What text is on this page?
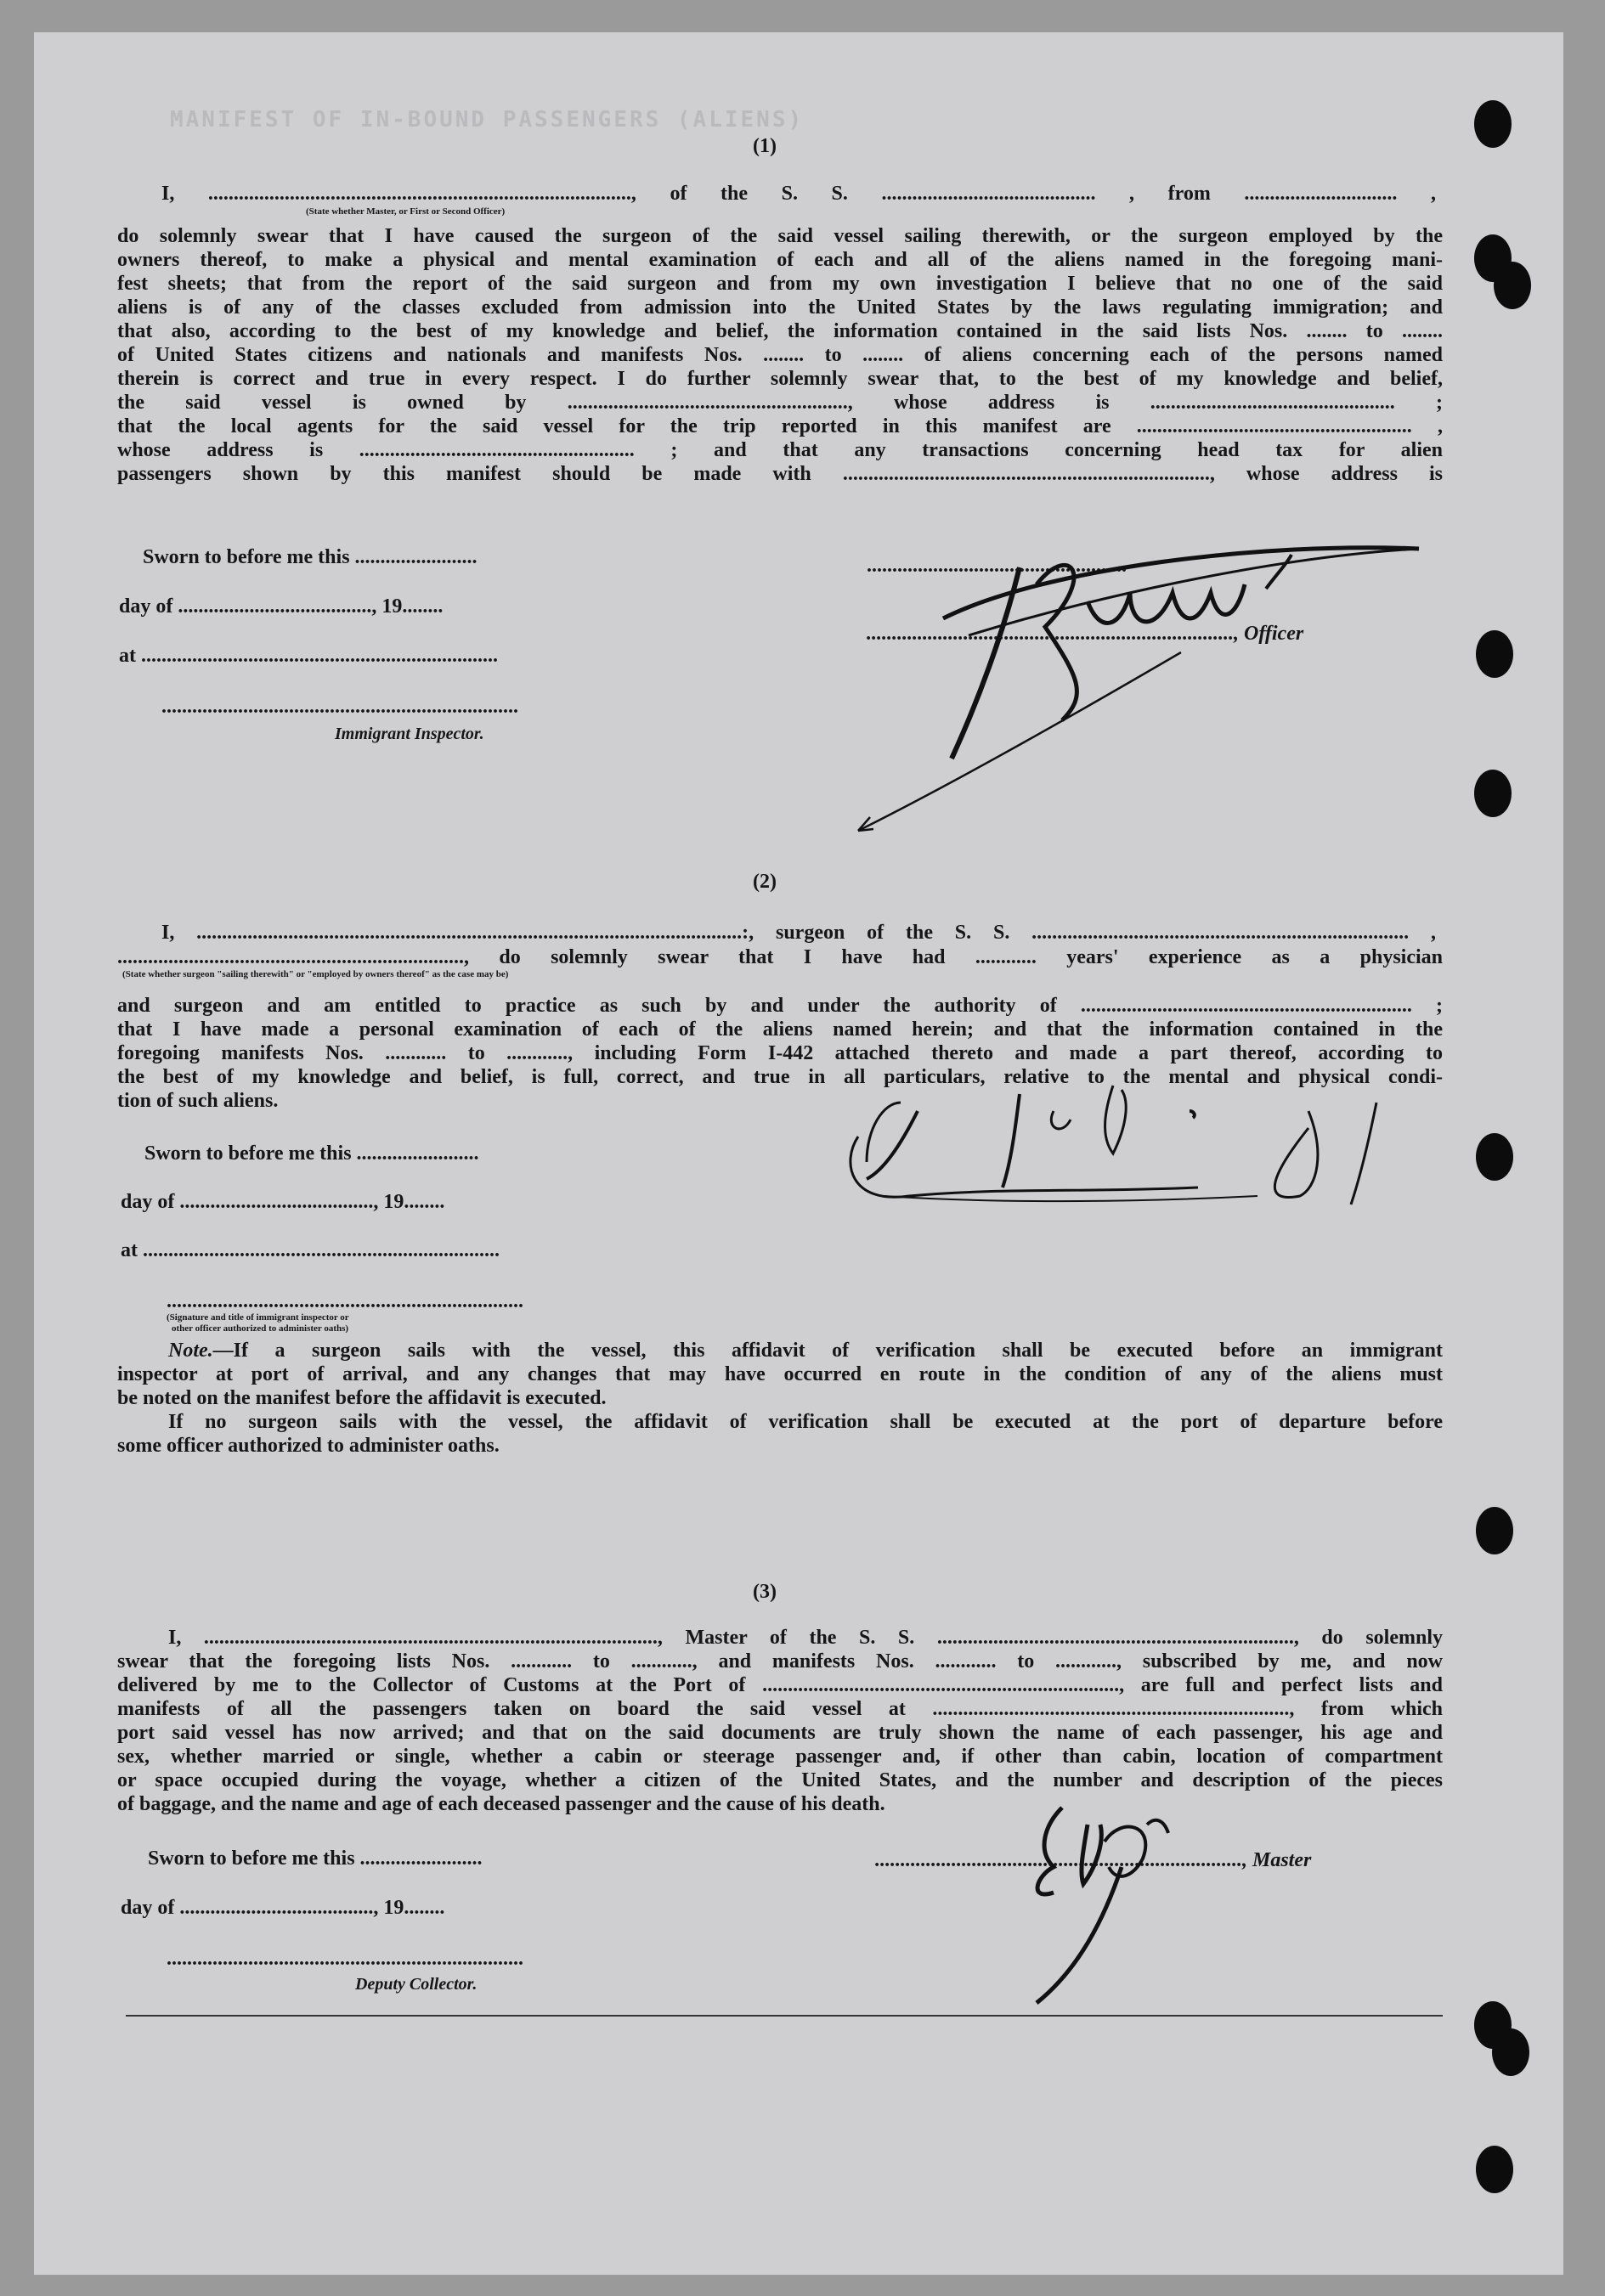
MANIFEST OF IN-BOUND PASSENGERS (ALIENS)
(1)
I, ..................................................................................., of the S. S. .......................................... , from .............................. ,
(State whether Master, or First or Second Officer)
do solemnly swear that I have caused the surgeon of the said vessel sailing therewith, or the surgeon employed by the
owners thereof, to make a physical and mental examination of each and all of the aliens named in the foregoing mani-
fest sheets; that from the report of the said surgeon and from my own investigation I believe that no one of the said
aliens is of any of the classes excluded from admission into the United States by the laws regulating immigration; and
that also, according to the best of my knowledge and belief, the information contained in the said lists Nos. ........ to ........
of United States citizens and nationals and manifests Nos. ........ to ........ of aliens concerning each of the persons named
therein is correct and true in every respect. I do further solemnly swear that, to the best of my knowledge and belief,
the said vessel is owned by ......................................................., whose address is ................................................ ;
that the local agents for the said vessel for the trip reported in this manifest are ...................................................... ,
whose address is ...................................................... ; and that any transactions concerning head tax for alien
passengers shown by this manifest should be made with ........................................................................, whose address is
Sworn to before me this ........................
day of ......................................, 19........
at ......................................................................
......................................................................
Immigrant Inspector.
...................................................
........................................................................, Officer
(2)
I, ...........................................................................................................:, surgeon of the S. S. .......................................................................... ,
...................................................................., do solemnly swear that I have had ............ years' experience as a physician
(State whether surgeon "sailing therewith" or "employed by owners thereof" as the case may be)
and surgeon and am entitled to practice as such by and under the authority of ................................................................. ;
that I have made a personal examination of each of the aliens named herein; and that the information contained in the
foregoing manifests Nos. ............ to ............, including Form I-442 attached thereto and made a part thereof, according to
the best of my knowledge and belief, is full, correct, and true in all particulars, relative to the mental and physical condi-
tion of such aliens.
Sworn to before me this ........................
day of ......................................, 19........
at ......................................................................
......................................................................
(Signature and title of immigrant inspector or
other officer authorized to administer oaths)
Note.—If a surgeon sails with the vessel, this affidavit of verification shall be executed before an immigrant
inspector at port of arrival, and any changes that may have occurred en route in the condition of any of the aliens must
be noted on the manifest before the affidavit is executed.
If no surgeon sails with the vessel, the affidavit of verification shall be executed at the port of departure before
some officer authorized to administer oaths.
(3)
I, ........................................................................................., Master of the S. S. ......................................................................, do solemnly
swear that the foregoing lists Nos. ............ to ............, and manifests Nos. ............ to ............, subscribed by me, and now
delivered by me to the Collector of Customs at the Port of ......................................................................, are full and perfect lists and
manifests of all the passengers taken on board the said vessel at ......................................................................, from which
port said vessel has now arrived; and that on the said documents are truly shown the name of each passenger, his age and
sex, whether married or single, whether a cabin or steerage passenger and, if other than cabin, location of compartment
or space occupied during the voyage, whether a citizen of the United States, and the number and description of the pieces
of baggage, and the name and age of each deceased passenger and the cause of his death.
Sworn to before me this ........................
day of ......................................, 19........
......................................................................
Deputy Collector.
........................................................................, Master
